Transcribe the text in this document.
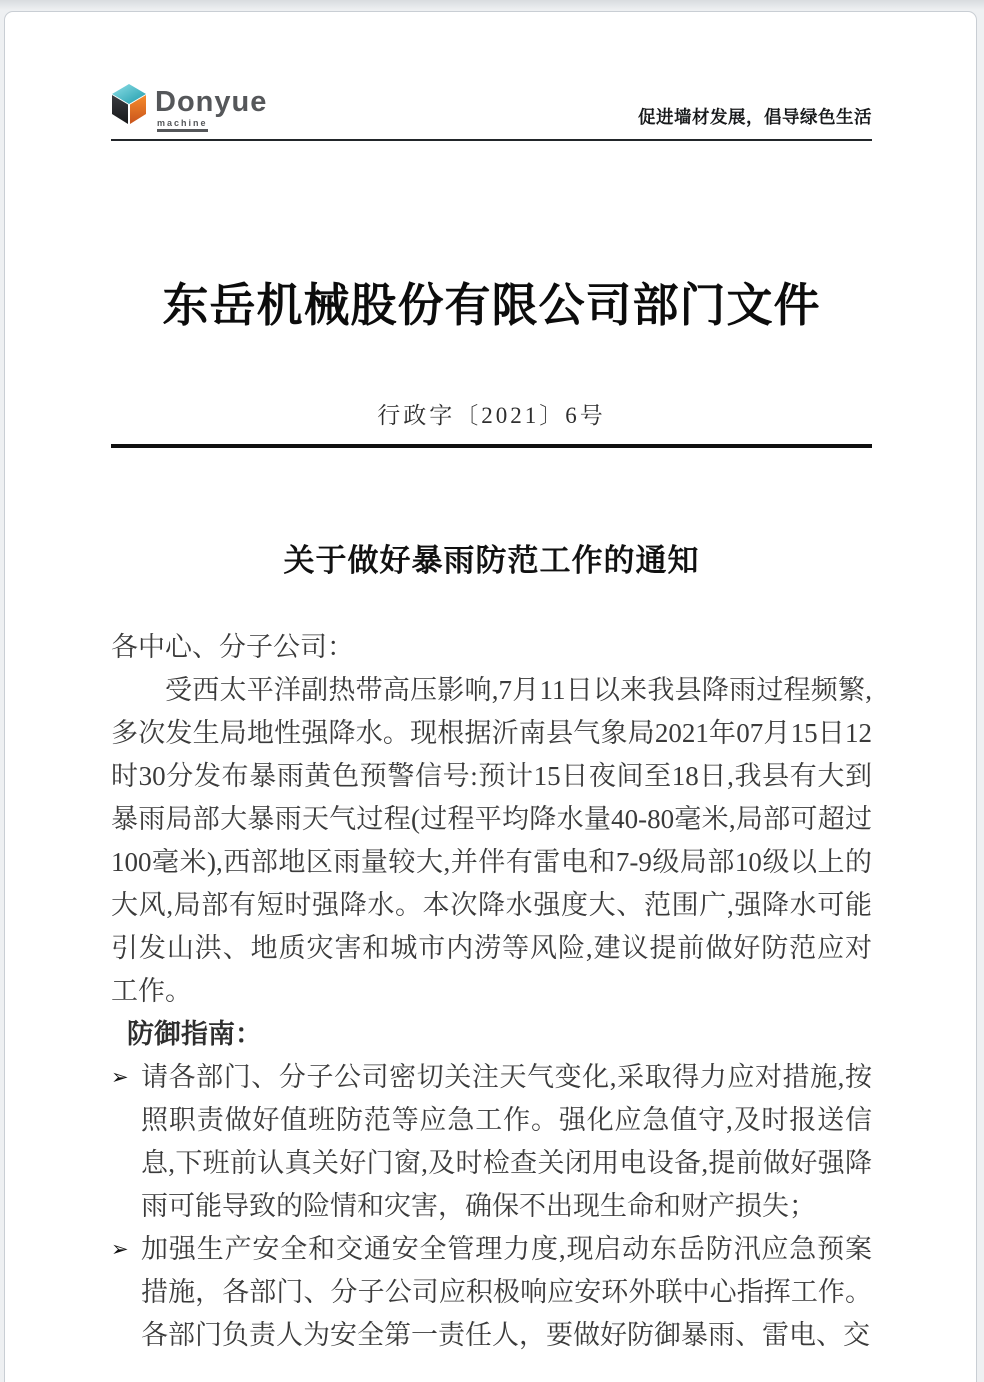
Donyue
machine	促进墙材发展，倡导绿色生活
东岳机械股份有限公司部门文件
行政字〔2021〕6号
关于做好暴雨防范工作的通知

各中心、分子公司：

受西太平洋副热带高压影响,7月11日以来我县降雨过程频繁,多次发生局地性强降水。现根据沂南县气象局2021年07月15日12时30分发布暴雨黄色预警信号:预计15日夜间至18日,我县有大到暴雨局部大暴雨天气过程(过程平均降水量40-80毫米,局部可超过100毫米),西部地区雨量较大,并伴有雷电和7-9级局部10级以上的大风,局部有短时强降水。本次降水强度大、范围广,强降水可能引发山洪、地质灾害和城市内涝等风险,建议提前做好防范应对工作。

防御指南：

➢ 请各部门、分子公司密切关注天气变化,采取得力应对措施,按照职责做好值班防范等应急工作。强化应急值守,及时报送信息,下班前认真关好门窗,及时检查关闭用电设备,提前做好强降雨可能导致的险情和灾害，确保不出现生命和财产损失；
➢ 加强生产安全和交通安全管理力度,现启动东岳防汛应急预案措施，各部门、分子公司应积极响应安环外联中心指挥工作。各部门负责人为安全第一责任人，要做好防御暴雨、雷电、交
